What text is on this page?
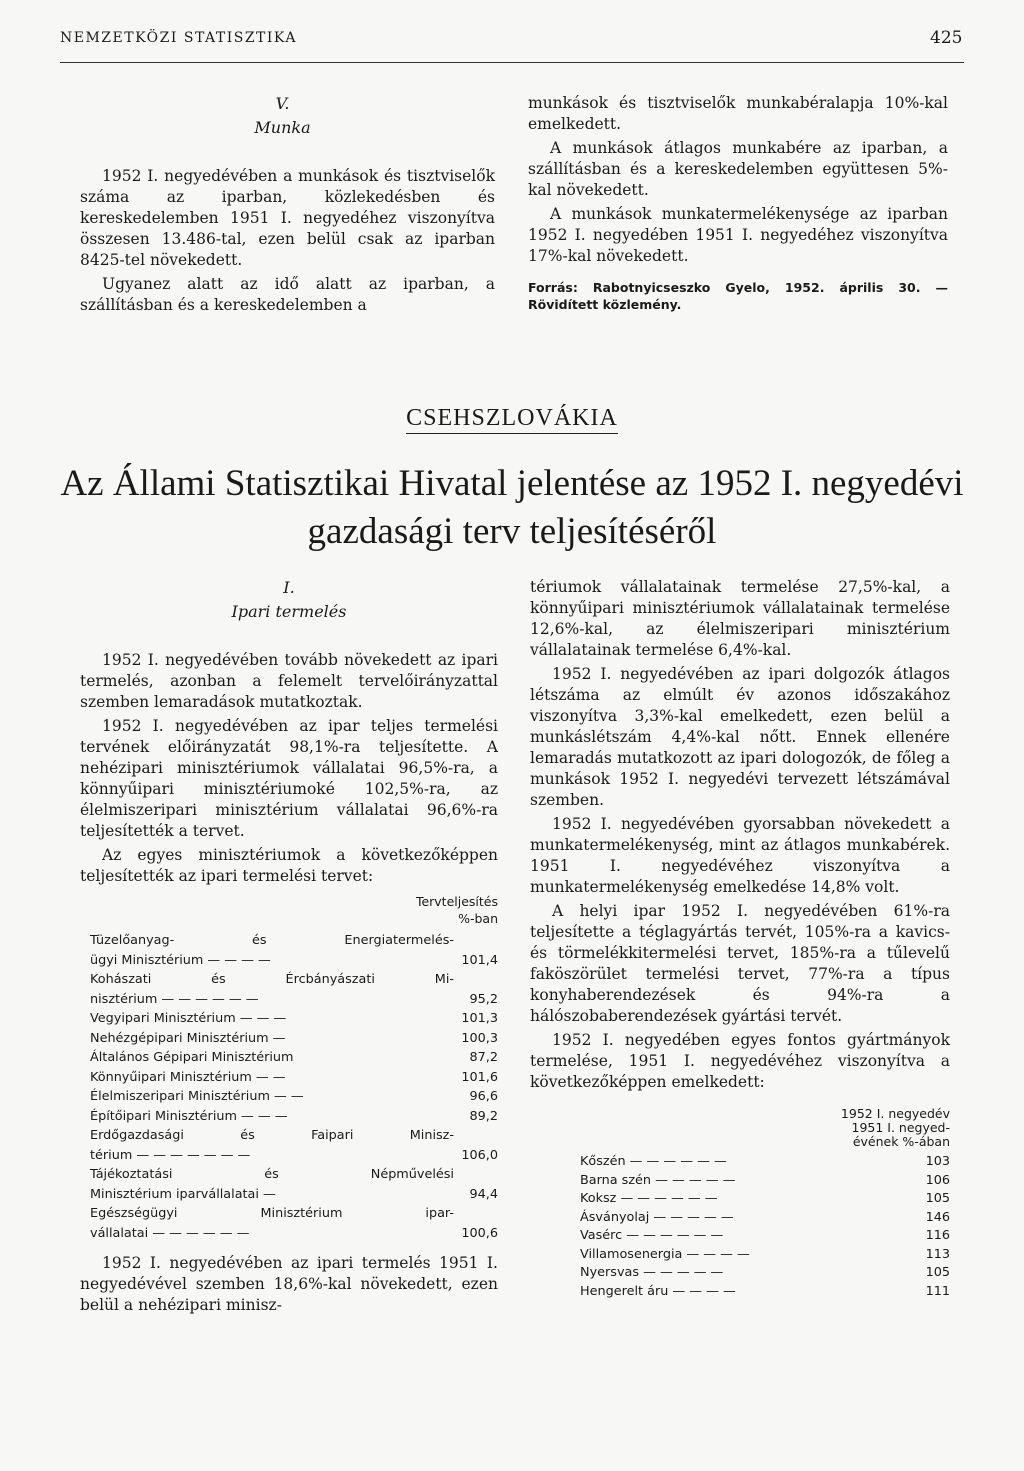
NEMZETKÖZI STATISZTIKA	425

V.

Munka

1952 I. negyedévében a munkások és tisztviselők száma az iparban, közlekedésben és kereskedelemben 1951 I. negyedéhez viszonyítva összesen 13.486-tal, ezen belül csak az iparban 8425-tel növekedett.

Ugyanez alatt az idő alatt az iparban, a szállításban és a kereskedelemben a

munkások és tisztviselők munkabéralapja 10%-kal emelkedett.

A munkások átlagos munkabére az iparban, a szállításban és a kereskedelemben együttesen 5%-kal növekedett.

A munkások munkatermelékenysége az iparban 1952 I. negyedében 1951 I. negyedéhez viszonyítva 17%-kal növekedett.

Forrás: Rabotnyicseszko Gyelo, 1952. április 30. — Rövidített közlemény.
CSEHSZLOVÁKIA
Az Állami Statisztikai Hivatal jelentése az 1952 I. negyedévi
gazdasági terv teljesítéséről

I.

Ipari termelés

1952 I. negyedévében tovább növekedett az ipari termelés, azonban a felemelt tervelőirányzattal szemben lemaradások mutatkoztak.

1952 I. negyedévében az ipar teljes termelési tervének előirányzatát 98,1%-ra teljesítette. A nehézipari minisztériumok vállalatai 96,5%-ra, a könnyűipari minisztériumoké 102,5%-ra, az élelmiszeripari minisztérium vállalatai 96,6%-ra teljesítették a tervet.

Az egyes minisztériumok a következőképpen teljesítették az ipari termelési tervet:

Tervteljesítés
%-ban
Tüzelőanyag- és Energiatermelés-
ügyi Minisztérium — — — —	101,4
Kohászati és Ércbányászati Mi-
nisztérium — — — — — —	95,2
Vegyipari Minisztérium — — —	101,3
Nehézgépipari Minisztérium —	100,3
Általános Gépipari Minisztérium	87,2
Könnyűipari Minisztérium — —	101,6
Élelmiszeripari Minisztérium — —	96,6
Építőipari Minisztérium — — —	89,2
Erdőgazdasági és Faipari Minisz-
térium — — — — — — —	106,0
Tájékoztatási és Népművelési
Minisztérium iparvállalatai —	94,4
Egészségügyi Minisztérium ipar-
vállalatai — — — — — —	100,6

1952 I. negyedévében az ipari termelés 1951 I. negyedévével szemben 18,6%-kal növekedett, ezen belül a nehézipari minisz-

tériumok vállalatainak termelése 27,5%-kal, a könnyűipari minisztériumok vállalatainak termelése 12,6%-kal, az élelmiszeripari minisztérium vállalatainak termelése 6,4%-kal.

1952 I. negyedévében az ipari dolgozók átlagos létszáma az elmúlt év azonos időszakához viszonyítva 3,3%-kal emelkedett, ezen belül a munkáslétszám 4,4%-kal nőtt. Ennek ellenére lemaradás mutatkozott az ipari dologozók, de főleg a munkások 1952 I. negyedévi tervezett létszámával szemben.

1952 I. negyedévében gyorsabban növekedett a munkatermelékenység, mint az átlagos munkabérek. 1951 I. negyedévéhez viszonyítva a munkatermelékenység emelkedése 14,8% volt.

A helyi ipar 1952 I. negyedévében 61%-ra teljesítette a téglagyártás tervét, 105%-ra a kavics- és törmelékkitermelési tervet, 185%-ra a tűlevelű faköszörület termelési tervet, 77%-ra a típus konyhaberendezések és 94%-ra a hálószobaberendezések gyártási tervét.

1952 I. negyedében egyes fontos gyártmányok termelése, 1951 I. negyedévéhez viszonyítva a következőképpen emelkedett:

1952 I. negyedév
1951 I. negyed-
évének %-ában
Kőszén — — — — — —	103
Barna szén — — — — —	106
Koksz — — — — — —	105
Ásványolaj — — — — —	146
Vasérc — — — — — —	116
Villamosenergia — — — —	113
Nyersvas — — — — —	105
Hengerelt áru — — — —	111
